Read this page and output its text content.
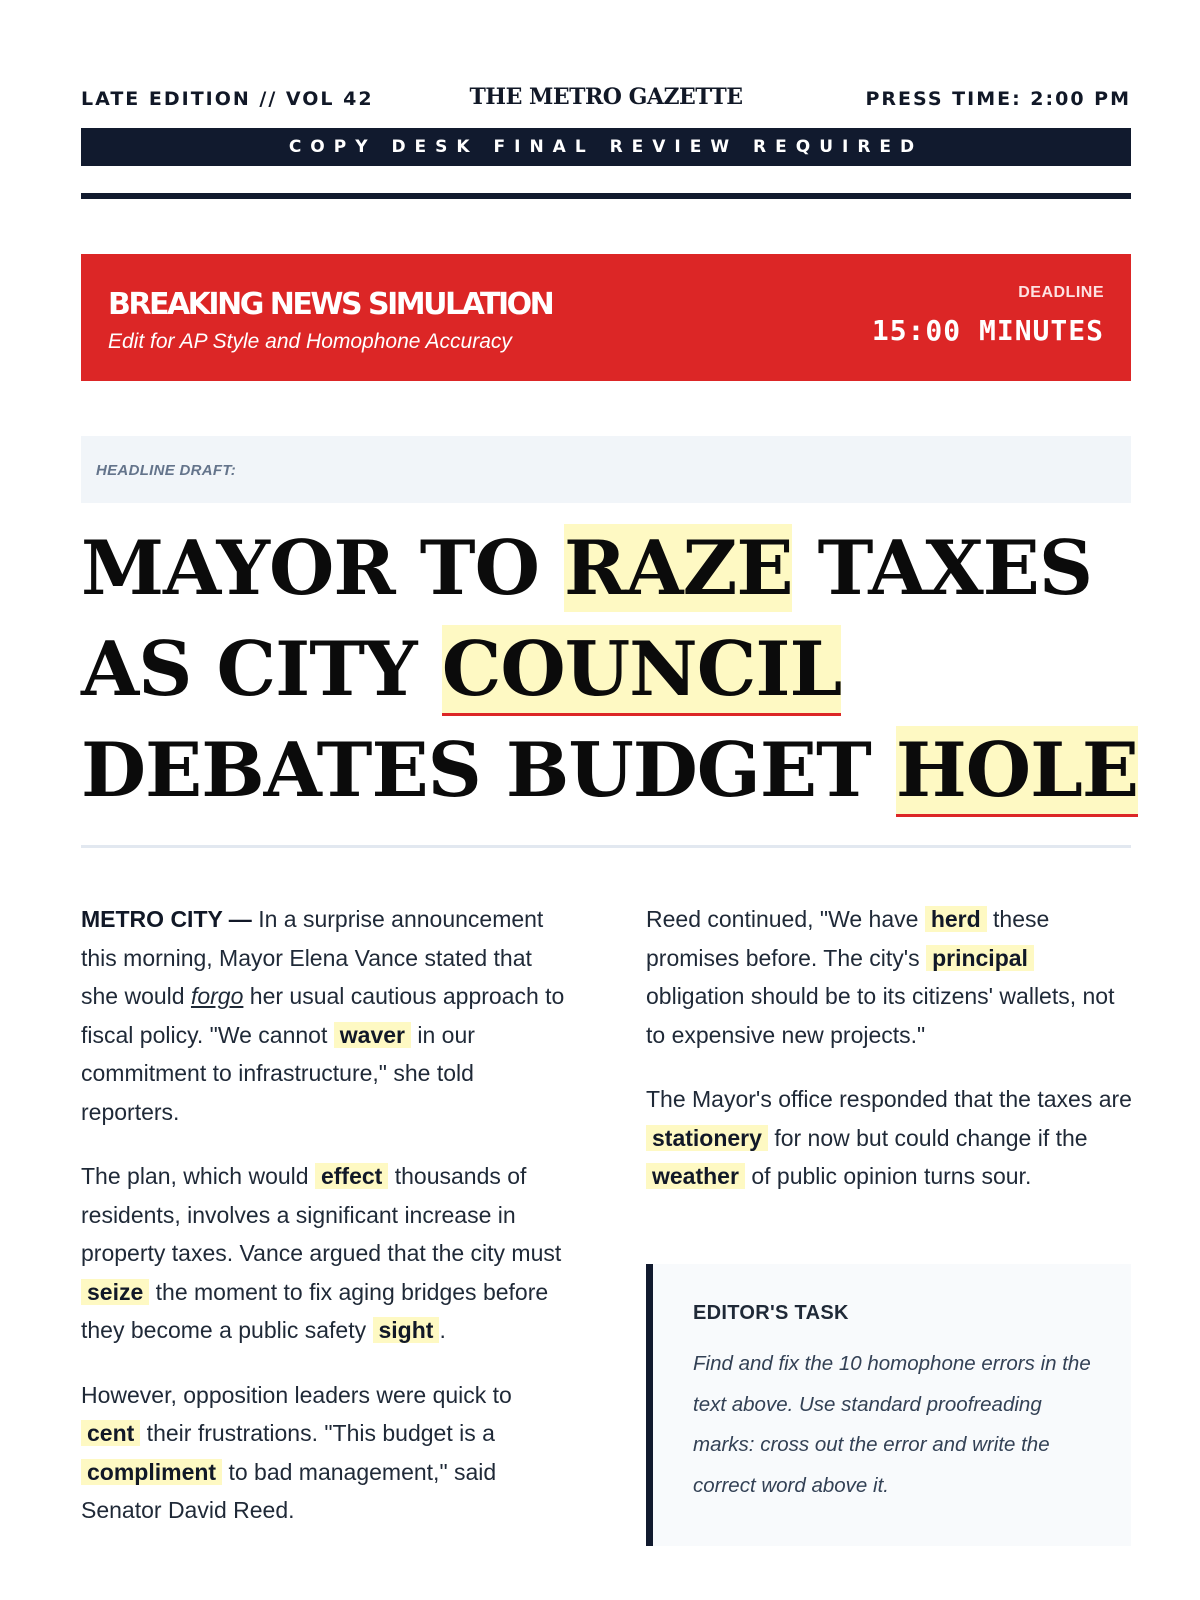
LATE EDITION // VOL 42	THE METRO GAZETTE	PRESS TIME: 2:00 PM
COPY DESK FINAL REVIEW REQUIRED
BREAKING NEWS SIMULATION
Edit for AP Style and Homophone Accuracy
DEADLINE
15:00 MINUTES
HEADLINE DRAFT:
MAYOR TO RAZE TAXES AS CITY COUNCIL DEBATES BUDGET HOLE

METRO CITY — In a surprise announcement this morning, Mayor Elena Vance stated that she would forgo her usual cautious approach to fiscal policy. "We cannot waver in our commitment to infrastructure," she told reporters.

The plan, which would effect thousands of residents, involves a significant increase in property taxes. Vance argued that the city must seize the moment to fix aging bridges before they become a public safety sight .

However, opposition leaders were quick to cent their frustrations. "This budget is a compliment to bad management," said Senator David Reed.

Reed continued, "We have herd these promises before. The city's principal obligation should be to its citizens' wallets, not to expensive new projects."

The Mayor's office responded that the taxes are stationery for now but could change if the weather of public opinion turns sour.

EDITOR'S TASK
Find and fix the 10 homophone errors in the text above. Use standard proofreading marks: cross out the error and write the correct word above it.
